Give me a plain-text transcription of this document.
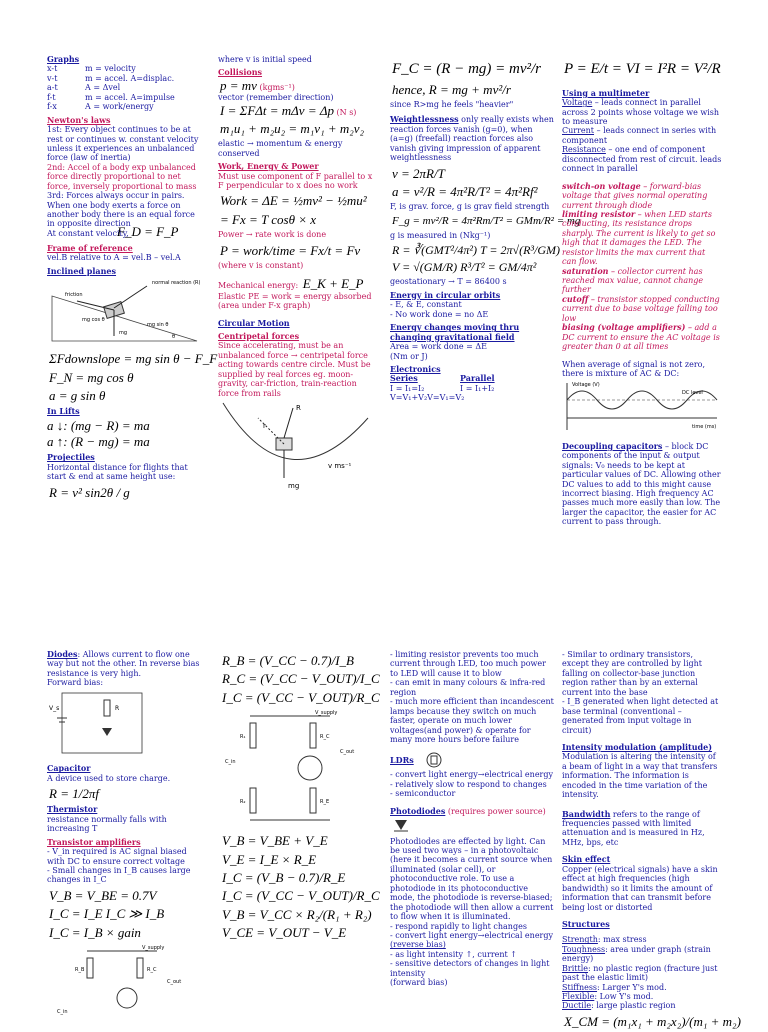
Graphs
x-t	m = velocity
v-t	m = accel. A=displac.
a-t	A = Δvel
f-t	m = accel. A=impulse
f-x	A = work/energy
Newton's laws

1st: Every object continues to be at rest or continues w. constant velocity unless it experiences an unbalanced force (law of inertia)

2nd: Accel of a body exp unbalanced force directly proportional to net force, inversely proportional to mass

3rd: Forces always occur in pairs. When one body exerts a force on another body there is an equal force in opposite direction

At constant velocity,

F_D = F_P
Frame of reference

vel.B relative to A = vel.B – vel.A

Inclined planes
normal reaction (R)
friction
mg cos θ
mg sin θ
mg
θ
ΣFdownslope = mg sin θ − F_F
F_N = mg cos θ
a = g sin θ
In Lifts
a ↓: (mg − R) = ma
a ↑: (R − mg) = ma
Projectiles

Horizontal distance for flights that start & end at same height use:

R = v² sin2θ / g

where v is initial speed

Collisions
p = mv (kgms⁻¹)

vector (remember direction)

I = ΣFΔt = mΔv = Δp (N s)
m₁u₁ + m₂u₂ = m₁v₁ + m₂v₂

elastic → momentum & energy conserved

Work, Energy & Power

Must use component of F parallel to x

F perpendicular to x does no work

Work = ΔE = ½mv² − ½mu²
= Fx = T cosθ × x

Power → rate work is done

P = work/time = Fx/t = Fv

(where v is constant)

Mechanical energy: E_K + E_P

Elastic PE = work = energy absorbed (area under F-x graph)

Circular Motion
Centripetal forces

Since accelerating, must be an unbalanced force → centripetal force acting towards centre circle. Must be supplied by real forces eg. moon-gravity, car-friction, train-reaction force from rails

R
r
v ms⁻¹
mg
F_C = (R − mg) = mv²/r
hence, R = mg + mv²/r

since R>mg he feels "heavier"

Weightlessness only really exists when reaction forces vanish (g=0), when (a=g) (freefall) reaction forces also vanish giving impression of apparent weightlessness

v = 2πR/T
a = v²/R = 4π²R/T² = 4π²Rf²

F, is grav. force, g is grav field strength

F_g = mv²/R = 4π²Rm/T² = GMm/R² = mg

g is measured in (Nkg⁻¹)

R = ∛(GMT²/4π²) T = 2π√(R³/GM)
V = √(GM/R) R³/T² = GM/4π²

geostationary → T = 86400 s

Energy in circular orbits

- E, & E, constant

- No work done = no ΔE

Energy changes moving thru changing gravitational field

Area = work done = ΔE

(Nm or J)

Electronics
Series	Parallel
I = I₁=I₂	I = I₁+I₂
V=V₁+V₂ V=V₁=V₂
P = E/t = VI = I²R = V²/R
Using a multimeter

Voltage – leads connect in parallel across 2 points whose voltage we wish to measure

Current – leads connect in series with component

Resistance – one end of component disconnected from rest of circuit. leads connect in parallel

switch-on voltage – forward-bias voltage that gives normal operating current through diode

limiting resistor – when LED starts conducting, its resistance drops sharply. The current is likely to get so high that it damages the LED. The resistor limits the max current that can flow.

saturation – collector current has reached max value, cannot change further

cutoff – transistor stopped conducting current due to base voltage falling too low

biasing (voltage amplifiers) – add a DC current to ensure the AC voltage is greater than 0 at all times

When average of signal is not zero, there is mixture of AC & DC:

Voltage (V)
DC level
time (ms)

Decoupling capacitors – block DC components of the input & output signals: V₀ needs to be kept at particular values of DC. Allowing other DC values to add to this might cause incorrect biasing. High frequency AC passes much more easily than low. The larger the capacitor, the easier for AC current to pass through.

Diodes: Allows current to flow one way but not the other. In reverse bias resistance is very high.

Forward bias:

V_s	R
Capacitor

A device used to store charge.

R = 1/2πf
Thermistor

resistance normally falls with increasing T

Transistor amplifiers

- V_in required is AC signal biased with DC to ensure correct voltage

- Small changes in I_B causes large changes in I_C

V_B = V_BE = 0.7V
I_C = I_E I_C ≫ I_B
I_C = I_B × gain
V_supply
R_B	R_C
C_out
C_in
R_B = (V_CC − 0.7)/I_B
R_C = (V_CC − V_OUT)/I_C
I_C = (V_CC − V_OUT)/R_C
V_supply
R₁	R_C
C_in
C_out
R₂	R_E
V_B = V_BE + V_E
V_E = I_E × R_E
I_C = (V_B − 0.7)/R_E
I_C = (V_CC − V_OUT)/R_C
V_B = V_CC × R₂/(R₁ + R₂)
V_CE = V_OUT − V_E

- limiting resistor prevents too much current through LED, too much power to LED will cause it to blow

- can emit in many colours & infra-red region

- much more efficient than incandescent lamps because they switch on much faster, operate on much lower voltages(and power) & operate for many more hours before failure

LDRs

- convert light energy→electrical energy

- relatively slow to respond to changes

- semiconductor

Photodiodes (requires power source)

Photodiodes are effected by light. Can be used two ways – in a photovoltaic (here it becomes a current source when illuminated (solar cell), or photoconductive role. To use a photodiode in its photoconductive mode, the photodiode is reverse-biased; the photodiode will then allow a current to flow when it is illuminated.

- respond rapidly to light changes

- convert light energy→electrical energy

(reverse bias)

- as light intensity ↑, current ↑

- sensitive detectors of changes in light intensity

(forward bias)

- Similar to ordinary transistors, except they are controlled by light falling on collector-base junction region rather than by an external current into the base

- I_B generated when light detected at base terminal (conventional – generated from input voltage in circuit)

Intensity modulation (amplitude)

Modulation is altering the intensity of a beam of light in a way that transfers information. The information is encoded in the time variation of the intensity.

Bandwidth refers to the range of frequencies passed with limited attenuation and is measured in Hz, MHz, bps, etc

Skin effect

Copper (electrical signals) have a skin effect at high frequencies (high bandwidth) so it limits the amount of information that can transmit before being lost or distorted

Structures

Strength: max stress

Toughness: area under graph (strain energy)

Brittle: no plastic region (fracture just past the elastic limit)

Stiffness: Larger Y's mod.

Flexible: Low Y's mod.

Ductile: large plastic region

X_CM = (m₁x₁ + m₂x₂)/(m₁ + m₂)
